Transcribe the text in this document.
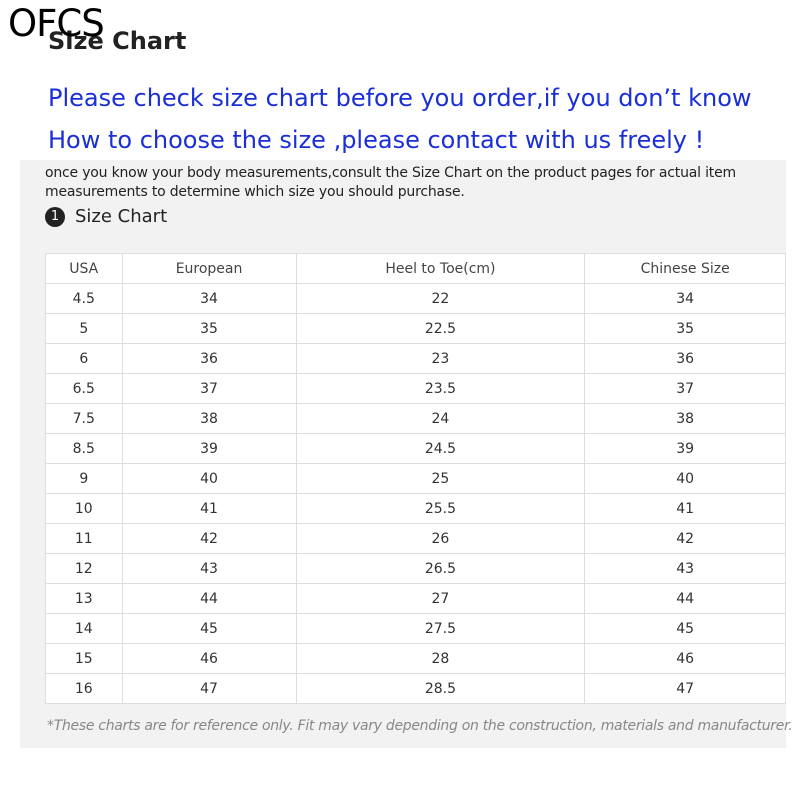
OFCS
Size Chart
Please check size chart before you order,if you don’t know
How to choose the size ,please contact with us freely !
once you know your body measurements,consult the Size Chart on the product pages for actual item measurements to determine which size you should purchase.
1 Size Chart
USA	European	Heel to Toe(cm)	Chinese Size
4.5	34	22	34
5	35	22.5	35
6	36	23	36
6.5	37	23.5	37
7.5	38	24	38
8.5	39	24.5	39
9	40	25	40
10	41	25.5	41
11	42	26	42
12	43	26.5	43
13	44	27	44
14	45	27.5	45
15	46	28	46
16	47	28.5	47
*These charts are for reference only. Fit may vary depending on the construction, materials and manufacturer.
